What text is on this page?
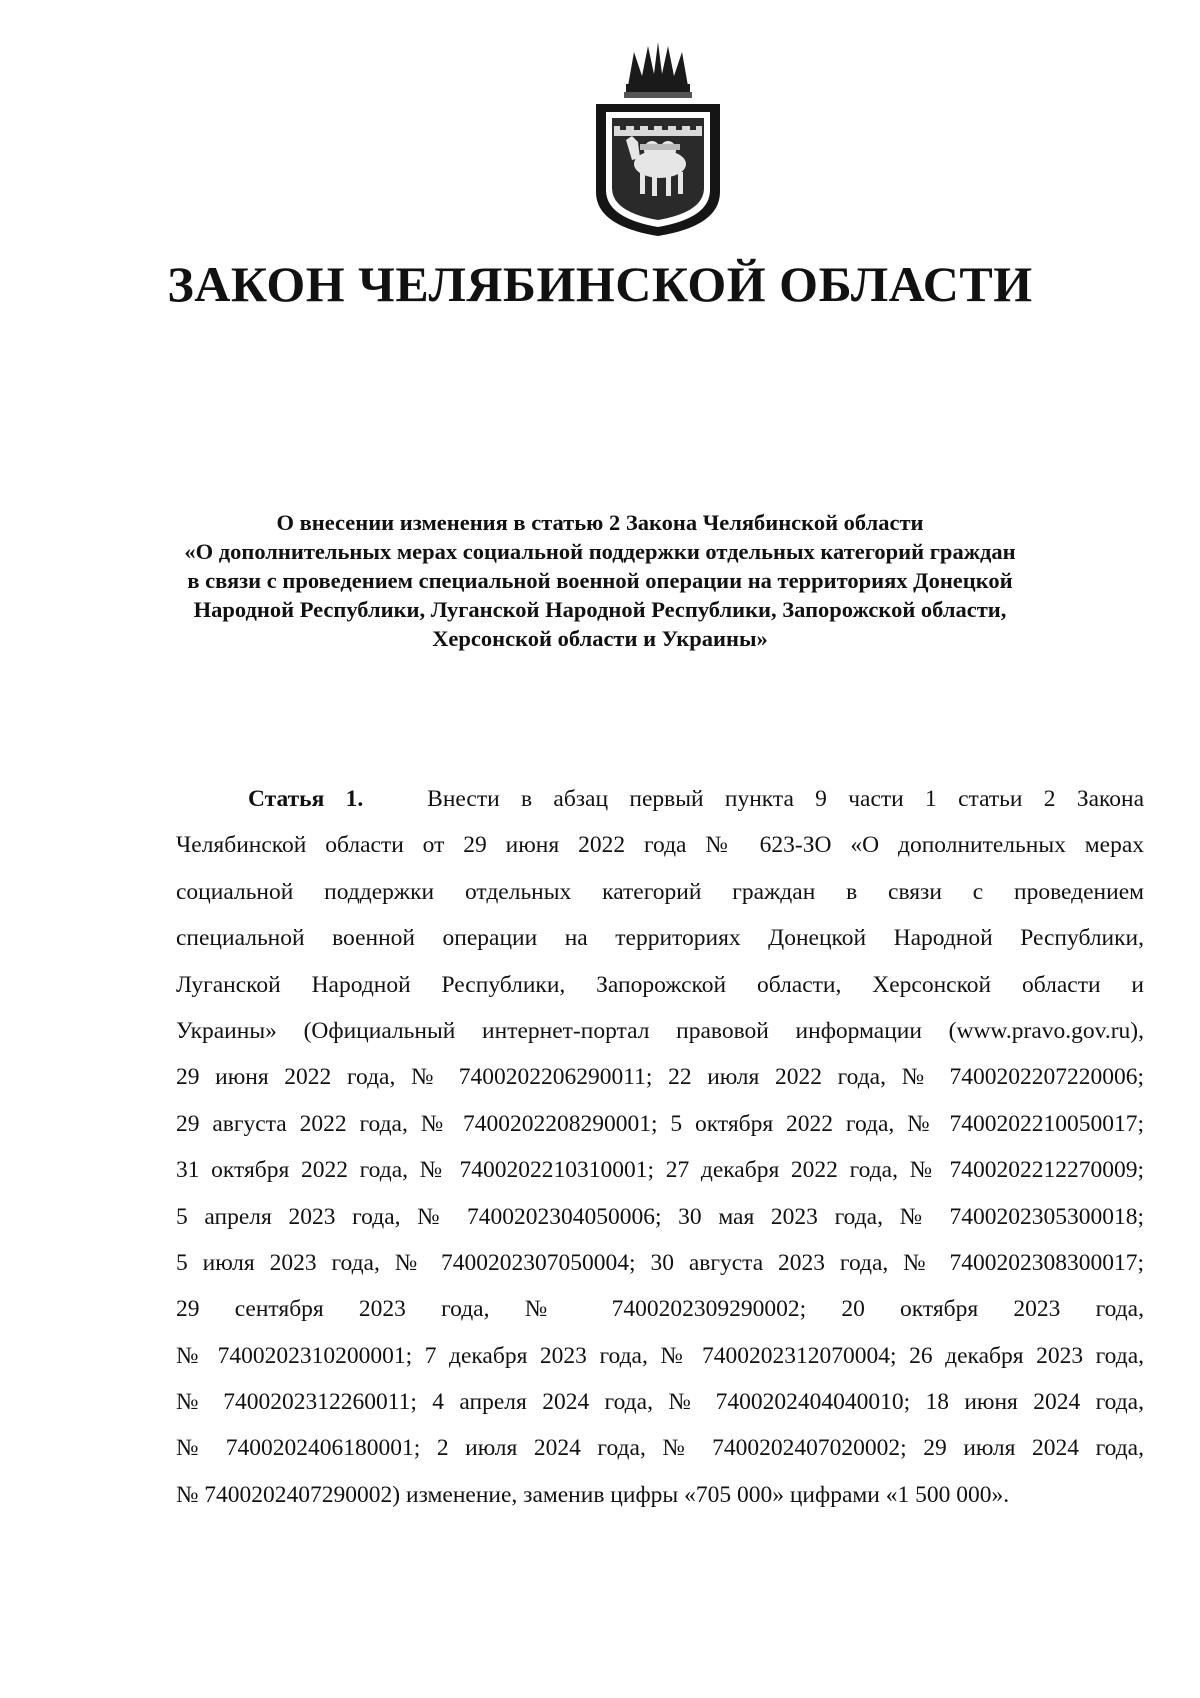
ЗАКОН ЧЕЛЯБИНСКОЙ ОБЛАСТИ
О внесении изменения в статью 2 Закона Челябинской области
«О дополнительных мерах социальной поддержки отдельных категорий граждан
в связи с проведением специальной военной операции на территориях Донецкой
Народной Республики, Луганской Народной Республики, Запорожской области,
Херсонской области и Украины»
Статья 1.	Внести в абзац первый пункта 9 части 1 статьи 2 Закона
Челябинской области от 29 июня 2022 года № 623-ЗО «О дополнительных мерах
социальной поддержки отдельных категорий граждан в связи с проведением
специальной военной операции на территориях Донецкой Народной Республики,
Луганской Народной Республики, Запорожской области, Херсонской области и
Украины» (Официальный интернет-портал правовой информации (www.pravo.gov.ru),
29 июня 2022 года, № 7400202206290011; 22 июля 2022 года, № 7400202207220006;
29 августа 2022 года, № 7400202208290001; 5 октября 2022 года, № 7400202210050017;
31 октября 2022 года, № 7400202210310001; 27 декабря 2022 года, № 7400202212270009;
5 апреля 2023 года, № 7400202304050006; 30 мая 2023 года, № 7400202305300018;
5 июля 2023 года, № 7400202307050004; 30 августа 2023 года, № 7400202308300017;
29 сентября 2023 года, № 7400202309290002; 20 октября 2023 года,
№ 7400202310200001; 7 декабря 2023 года, № 7400202312070004; 26 декабря 2023 года,
№ 7400202312260011; 4 апреля 2024 года, № 7400202404040010; 18 июня 2024 года,
№ 7400202406180001; 2 июля 2024 года, № 7400202407020002; 29 июля 2024 года,
№ 7400202407290002) изменение, заменив цифры «705 000» цифрами «1 500 000».
